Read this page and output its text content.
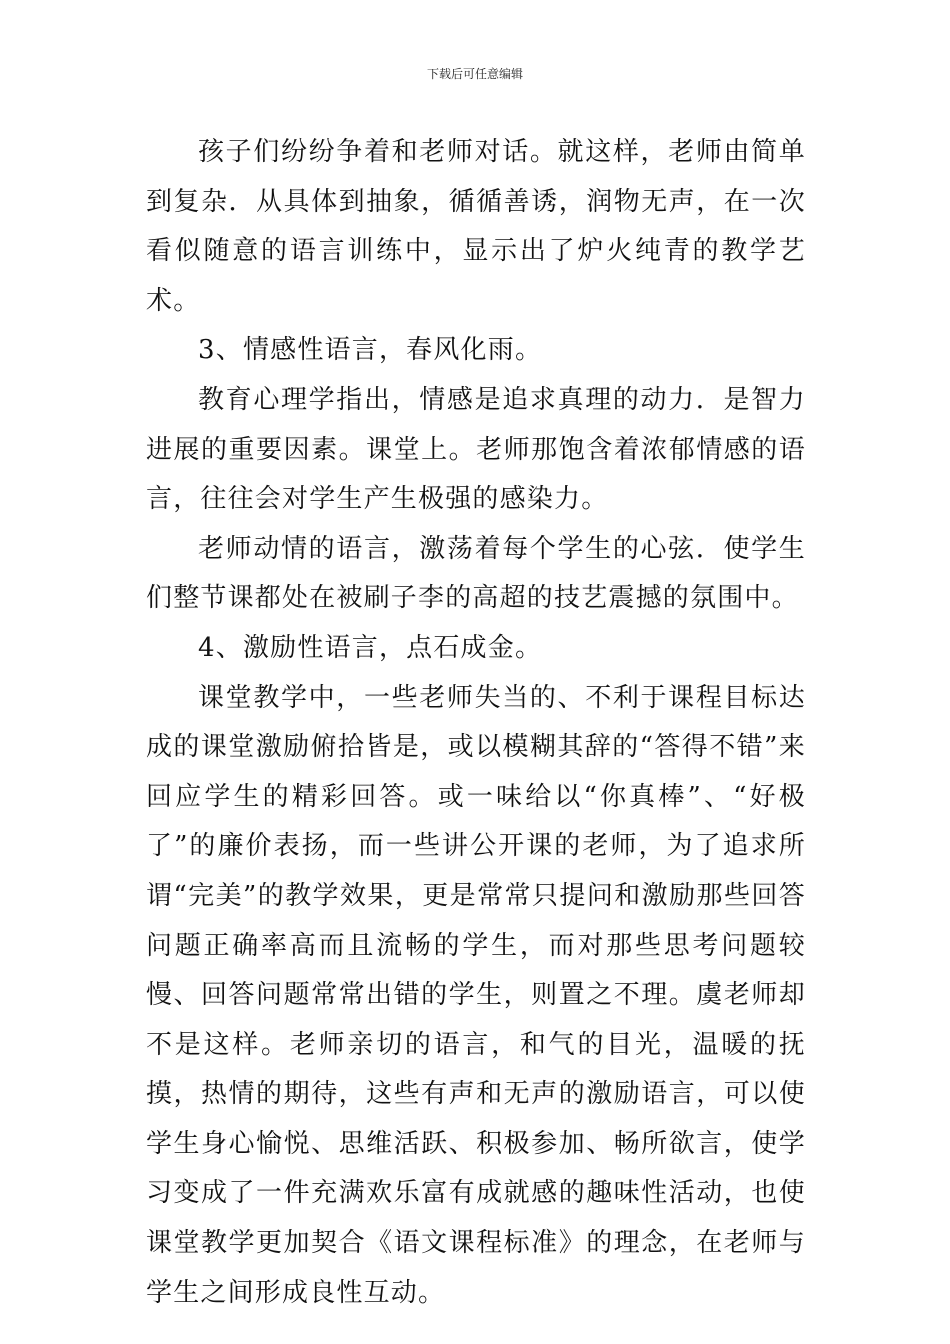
下载后可任意编辑

孩子们纷纷争着和老师对话。就这样，老师由简单到复杂．从具体到抽象，循循善诱，润物无声，在一次看似随意的语言训练中，显示出了炉火纯青的教学艺术。

3、情感性语言，春风化雨。

教育心理学指出，情感是追求真理的动力．是智力进展的重要因素。课堂上。老师那饱含着浓郁情感的语言，往往会对学生产生极强的感染力。

老师动情的语言，激荡着每个学生的心弦．使学生们整节课都处在被刷子李的高超的技艺震撼的氛围中。

4、激励性语言，点石成金。

课堂教学中，一些老师失当的、不利于课程目标达成的课堂激励俯拾皆是，或以模糊其辞的“答得不错”来回应学生的精彩回答。或一味给以“你真棒”、“好极了”的廉价表扬，而一些讲公开课的老师，为了追求所谓“完美”的教学效果，更是常常只提问和激励那些回答问题正确率高而且流畅的学生，而对那些思考问题较慢、回答问题常常出错的学生，则置之不理。虞老师却不是这样。老师亲切的语言，和气的目光，温暖的抚摸，热情的期待，这些有声和无声的激励语言，可以使学生身心愉悦、思维活跃、积极参加、畅所欲言，使学习变成了一件充满欢乐富有成就感的趣味性活动，也使课堂教学更加契合《语文课程标准》的理念，在老师与学生之间形成良性互动。
